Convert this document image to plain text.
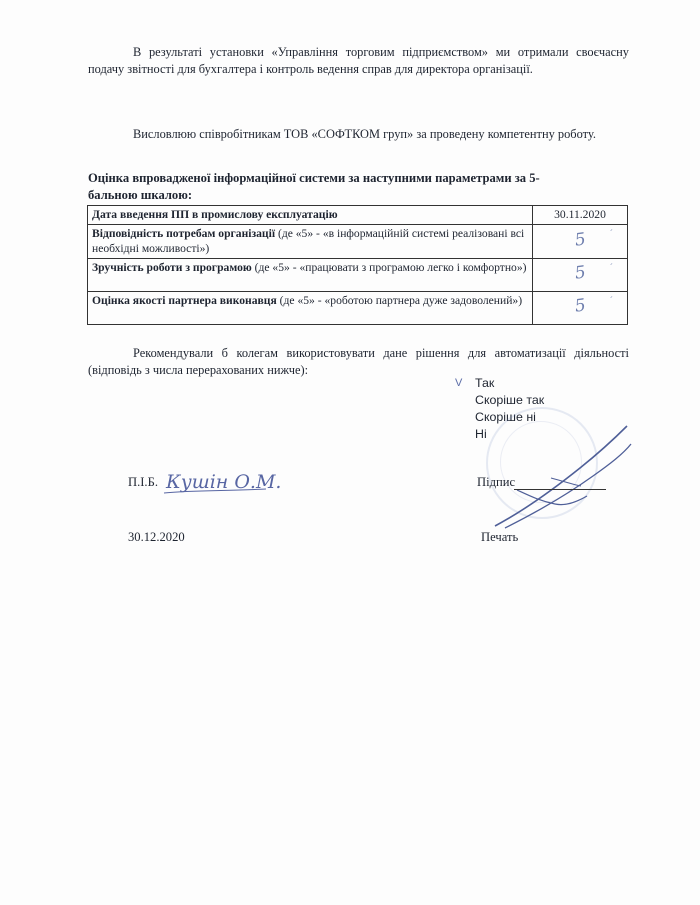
В результаті установки «Управління торговим підприємством» ми отримали своєчасну подачу звітності для бухгалтера і контроль ведення справ для директора організації.
Висловлюю співробітникам ТОВ «СОФТКОМ груп» за проведену компетентну роботу.
Оцінка впровадженої інформаційної системи за наступними параметрами за 5-бальною шкалою:
Дата введення ПП в промислову експлуатацію	30.11.2020
Відповідність потребам організації (де «5» - «в інформаційній системі реалізовані всі необхідні можливості»)	5 ˊ

Зручність роботи з програмою (де «5» - «працювати з програмою легко і комфортно»)	5 ˊ

Оцінка якості партнера виконавця (де «5» - «роботою партнера дуже задоволений»)	5 ˊ
Рекомендували б колегам використовувати дане рішення для автоматизації діяльності (відповідь з числа перерахованих нижче):
V Так
Скоріше так
Скоріше ні
Ні
П.І.Б. Кушін О.М.	Підпис
30.12.2020	Печать
